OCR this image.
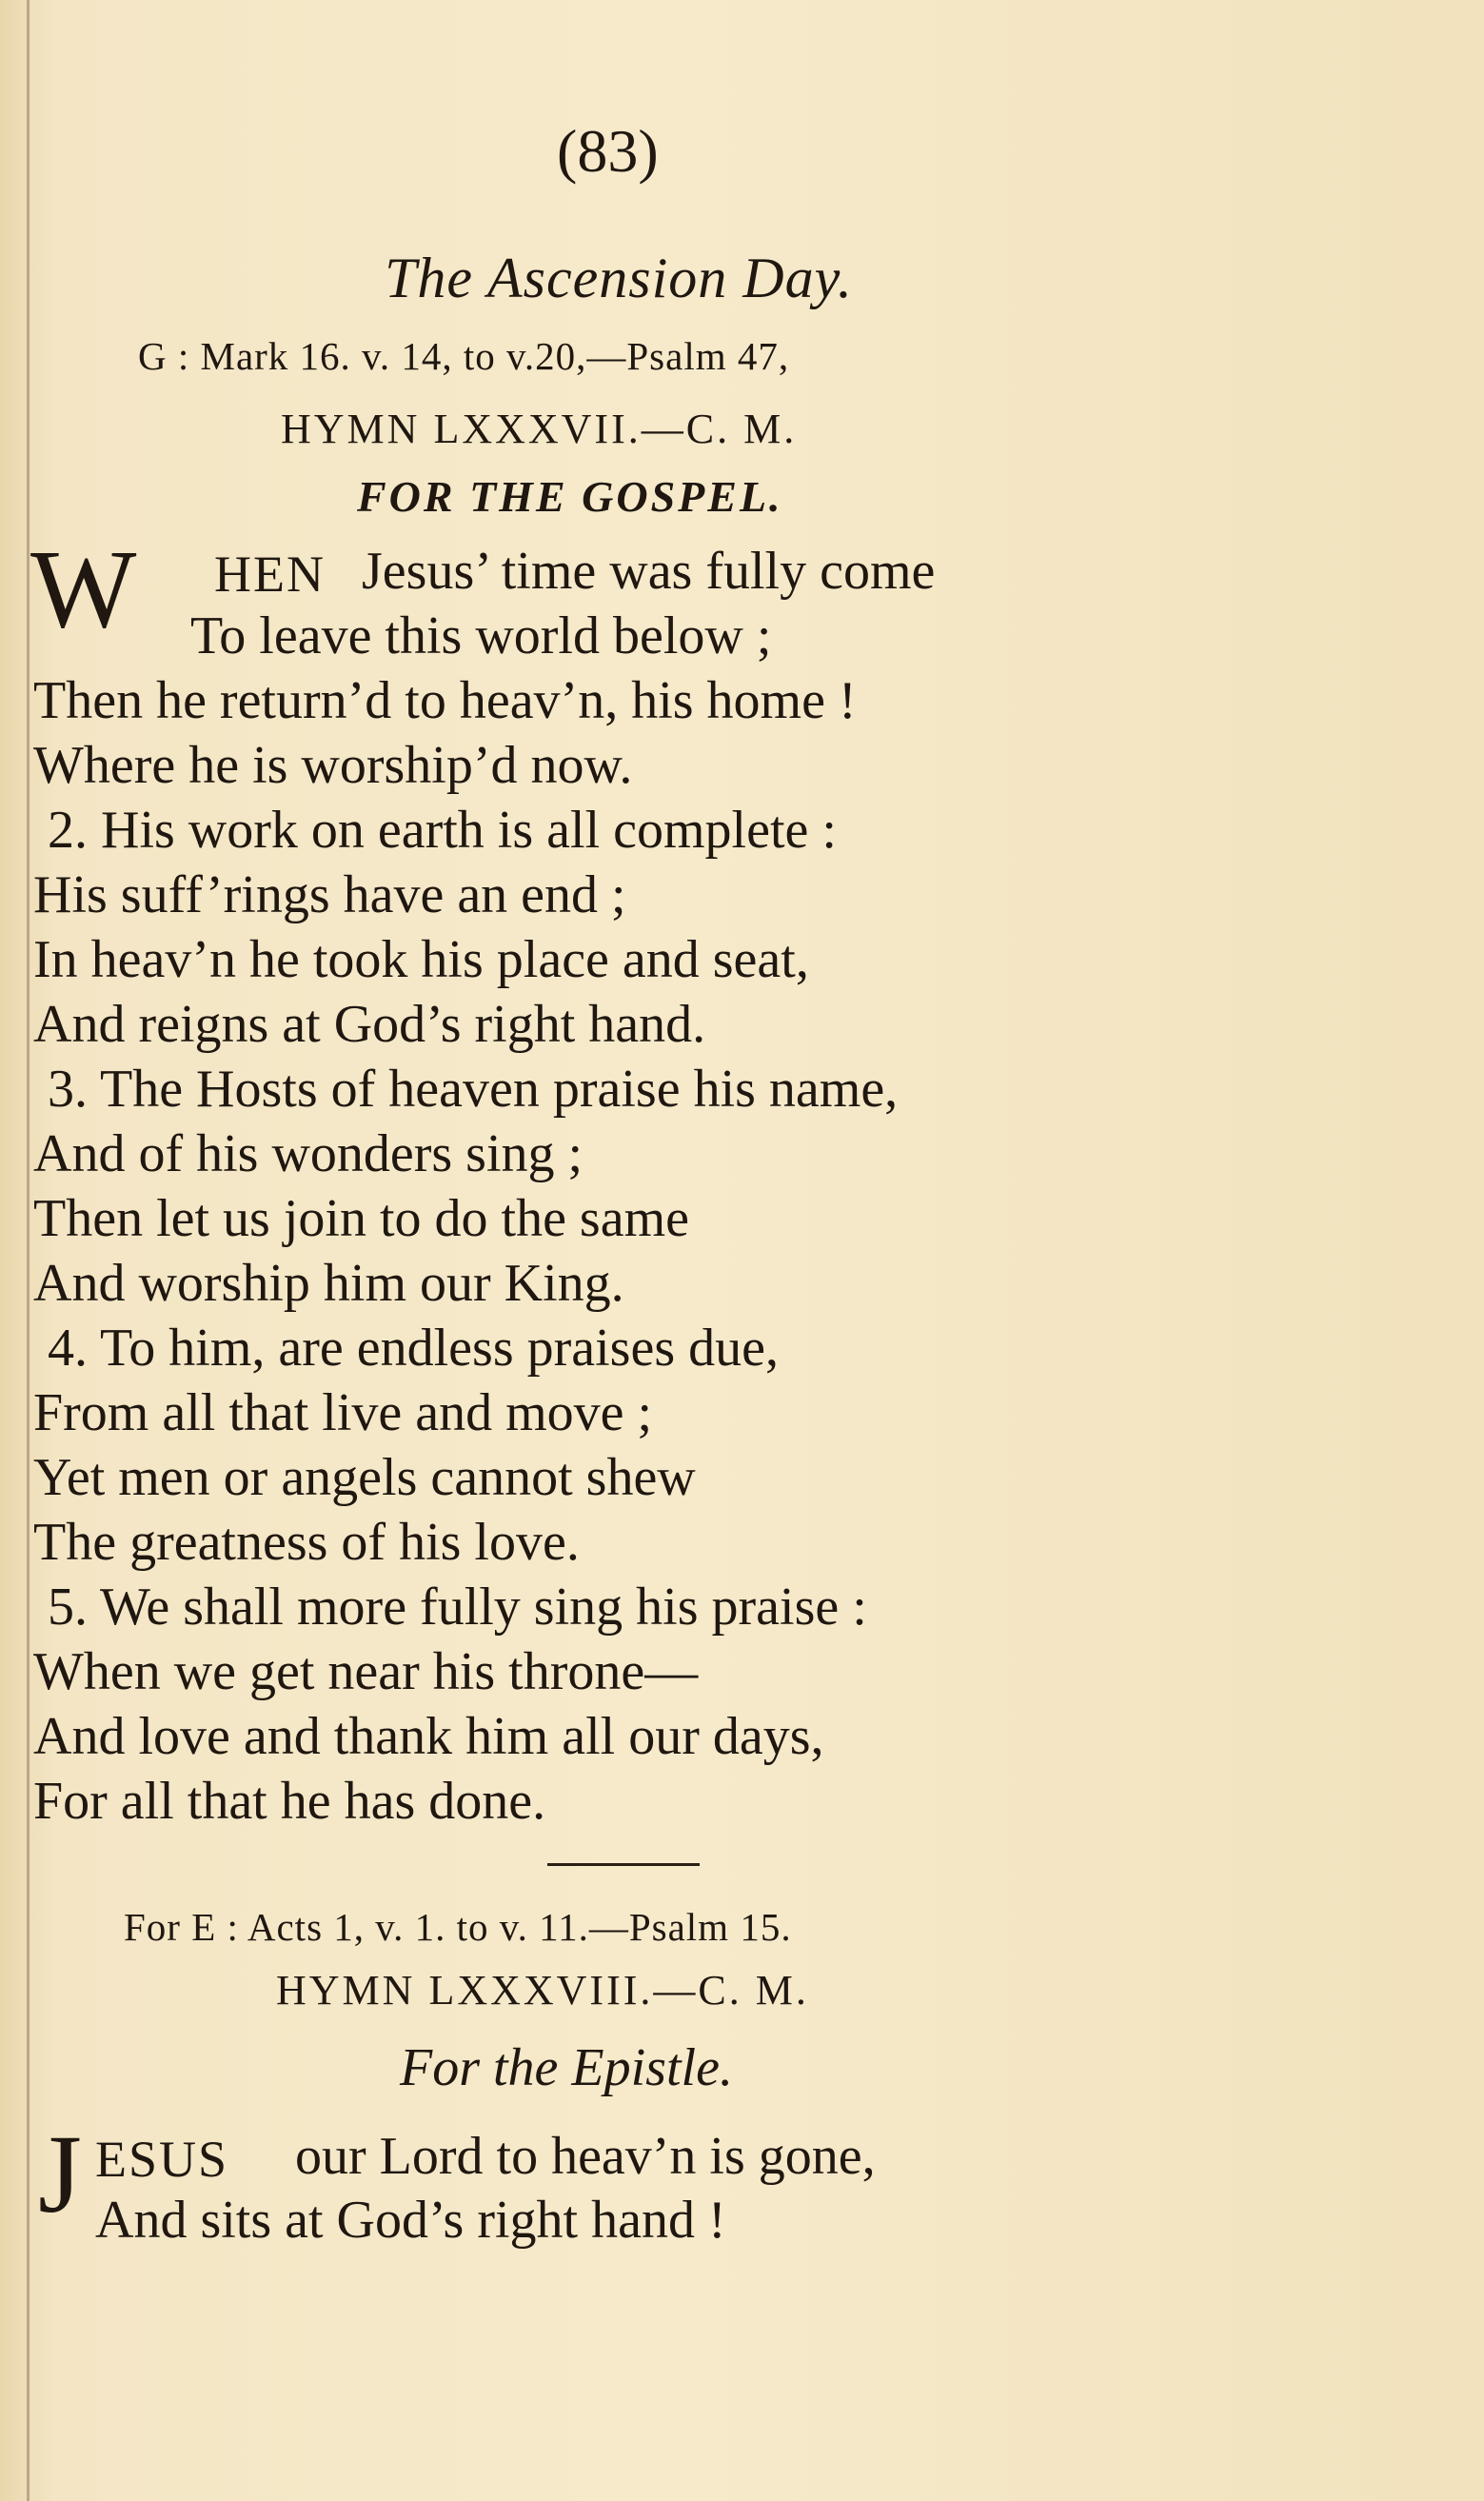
(83)
The Ascension Day.
G : Mark 16. v. 14, to v.20,—Psalm 47,
HYMN LXXXVII.—C. M.
FOR THE GOSPEL.
W HEN Jesus’ time was fully come
To leave this world below ;
Then he return’d to heav’n, his home !
Where he is worship’d now.
2. His work on earth is all complete :
His suff’rings have an end ;
In heav’n he took his place and seat,
And reigns at God’s right hand.
3. The Hosts of heaven praise his name,
And of his wonders sing ;
Then let us join to do the same
And worship him our King.
4. To him, are endless praises due,
From all that live and move ;
Yet men or angels cannot shew
The greatness of his love.
5. We shall more fully sing his praise :
When we get near his throne—
And love and thank him all our days,
For all that he has done.
For E : Acts 1, v. 1. to v. 11.—Psalm 15.
HYMN LXXXVIII.—C. M.
For the Epistle.
J ESUS our Lord to heav’n is gone,
And sits at God’s right hand !
